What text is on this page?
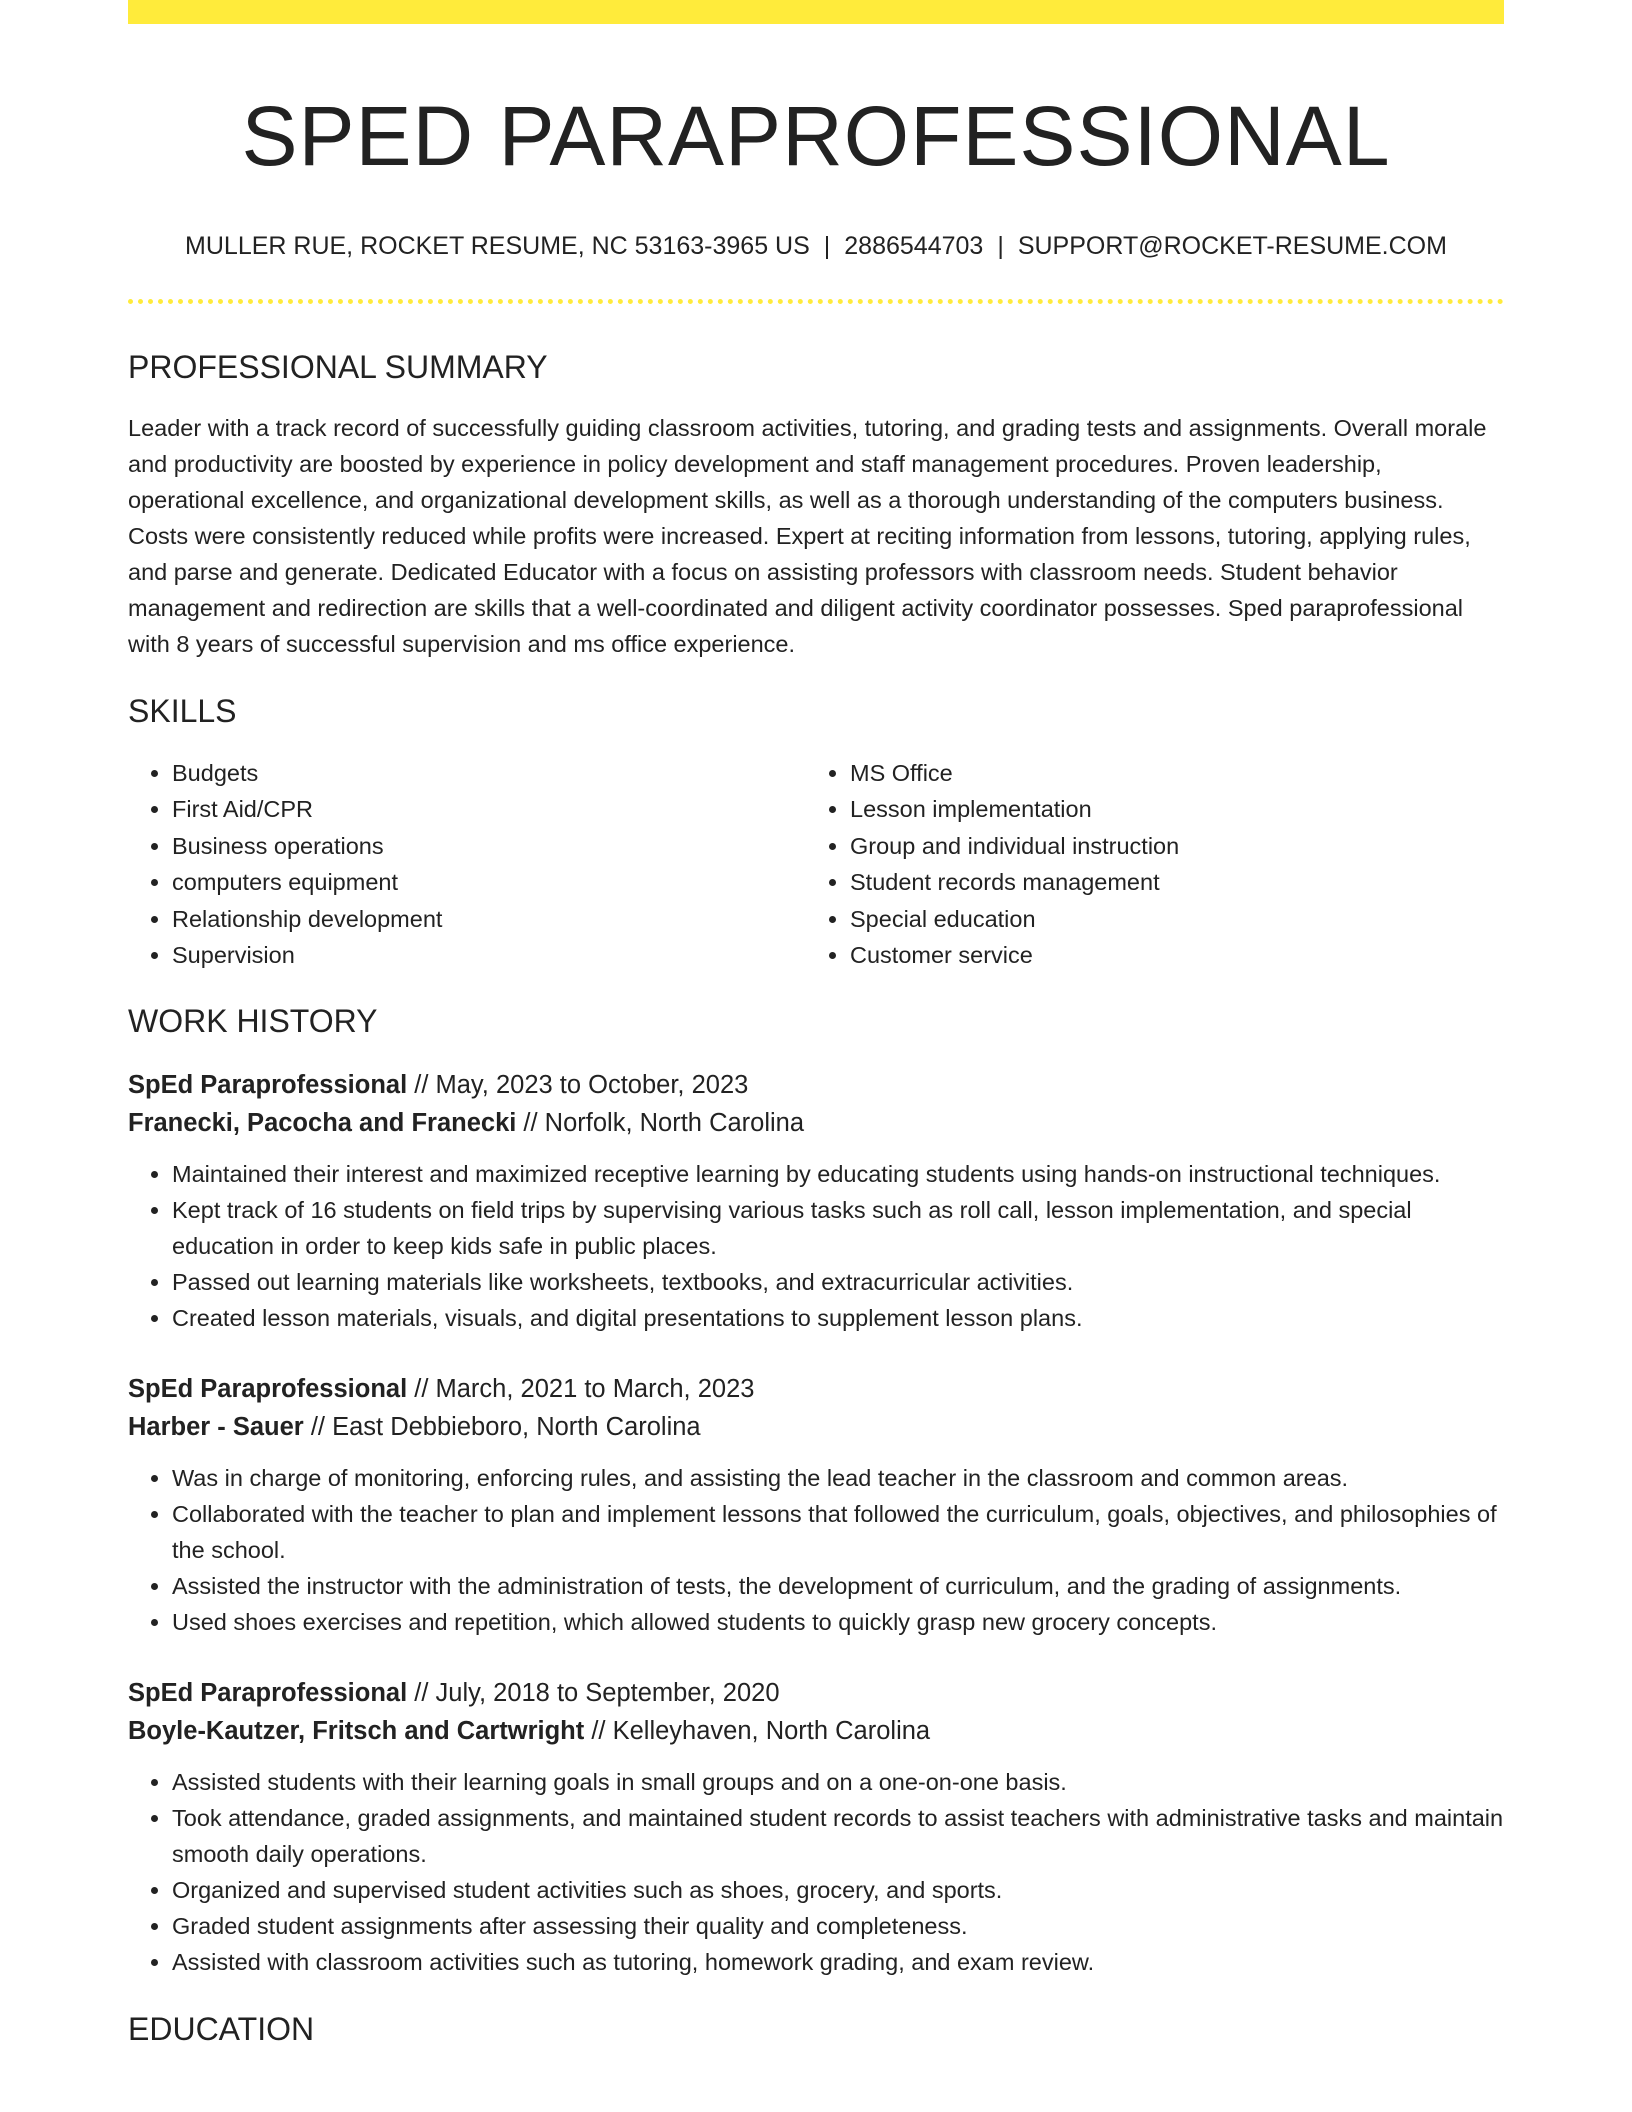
SPED PARAPROFESSIONAL
MULLER RUE, ROCKET RESUME, NC 53163-3965 US | 2886544703 | SUPPORT@ROCKET-RESUME.COM
PROFESSIONAL SUMMARY
Leader with a track record of successfully guiding classroom activities, tutoring, and grading tests and assignments. Overall morale and productivity are boosted by experience in policy development and staff management procedures. Proven leadership, operational excellence, and organizational development skills, as well as a thorough understanding of the computers business. Costs were consistently reduced while profits were increased. Expert at reciting information from lessons, tutoring, applying rules, and parse and generate. Dedicated Educator with a focus on assisting professors with classroom needs. Student behavior management and redirection are skills that a well-coordinated and diligent activity coordinator possesses. Sped paraprofessional with 8 years of successful supervision and ms office experience.
SKILLS
• Budgets
• First Aid/CPR
• Business operations
• computers equipment
• Relationship development
• Supervision
• MS Office
• Lesson implementation
• Group and individual instruction
• Student records management
• Special education
• Customer service
WORK HISTORY
SpEd Paraprofessional // May, 2023 to October, 2023
Franecki, Pacocha and Franecki // Norfolk, North Carolina
• Maintained their interest and maximized receptive learning by educating students using hands-on instructional techniques.
• Kept track of 16 students on field trips by supervising various tasks such as roll call, lesson implementation, and special education in order to keep kids safe in public places.
• Passed out learning materials like worksheets, textbooks, and extracurricular activities.
• Created lesson materials, visuals, and digital presentations to supplement lesson plans.
SpEd Paraprofessional // March, 2021 to March, 2023
Harber - Sauer // East Debbieboro, North Carolina
• Was in charge of monitoring, enforcing rules, and assisting the lead teacher in the classroom and common areas.
• Collaborated with the teacher to plan and implement lessons that followed the curriculum, goals, objectives, and philosophies of the school.
• Assisted the instructor with the administration of tests, the development of curriculum, and the grading of assignments.
• Used shoes exercises and repetition, which allowed students to quickly grasp new grocery concepts.
SpEd Paraprofessional // July, 2018 to September, 2020
Boyle-Kautzer, Fritsch and Cartwright // Kelleyhaven, North Carolina
• Assisted students with their learning goals in small groups and on a one-on-one basis.
• Took attendance, graded assignments, and maintained student records to assist teachers with administrative tasks and maintain smooth daily operations.
• Organized and supervised student activities such as shoes, grocery, and sports.
• Graded student assignments after assessing their quality and completeness.
• Assisted with classroom activities such as tutoring, homework grading, and exam review.
EDUCATION
